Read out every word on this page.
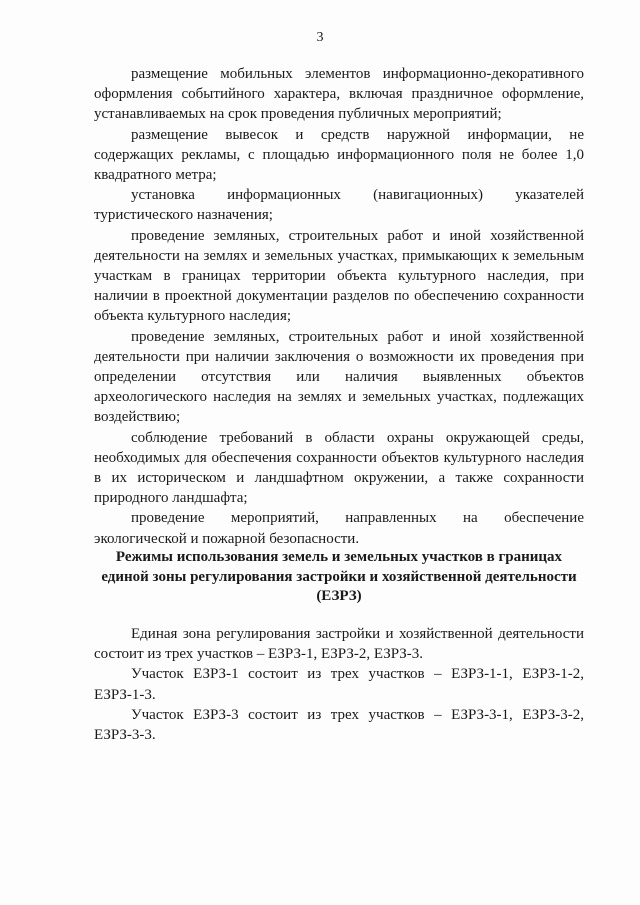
3

размещение мобильных элементов информационно-декоративного оформления событийного характера, включая праздничное оформление, устанавливаемых на срок проведения публичных мероприятий;

размещение вывесок и средств наружной информации, не содержащих рекламы, с площадью информационного поля не более 1,0 квадратного метра;

установка информационных (навигационных) указателей туристического назначения;

проведение земляных, строительных работ и иной хозяйственной деятельности на землях и земельных участках, примыкающих к земельным участкам в границах территории объекта культурного наследия, при наличии в проектной документации разделов по обеспечению сохранности объекта культурного наследия;

проведение земляных, строительных работ и иной хозяйственной деятельности при наличии заключения о возможности их проведения при определении отсутствия или наличия выявленных объектов археологического наследия на землях и земельных участках, подлежащих воздействию;

соблюдение требований в области охраны окружающей среды, необходимых для обеспечения сохранности объектов культурного наследия в их историческом и ландшафтном окружении, а также сохранности природного ландшафта;

проведение мероприятий, направленных на обеспечение экологической и пожарной безопасности.

Режимы использования земель и земельных участков в границах
единой зоны регулирования застройки и хозяйственной деятельности
(ЕЗРЗ)

Единая зона регулирования застройки и хозяйственной деятельности состоит из трех участков – ЕЗРЗ-1, ЕЗРЗ-2, ЕЗРЗ-3.

Участок ЕЗРЗ-1 состоит из трех участков – ЕЗРЗ-1-1, ЕЗРЗ-1-2, ЕЗРЗ-1-3.

Участок ЕЗРЗ-3 состоит из трех участков – ЕЗРЗ-3-1, ЕЗРЗ-3-2, ЕЗРЗ-3-3.
